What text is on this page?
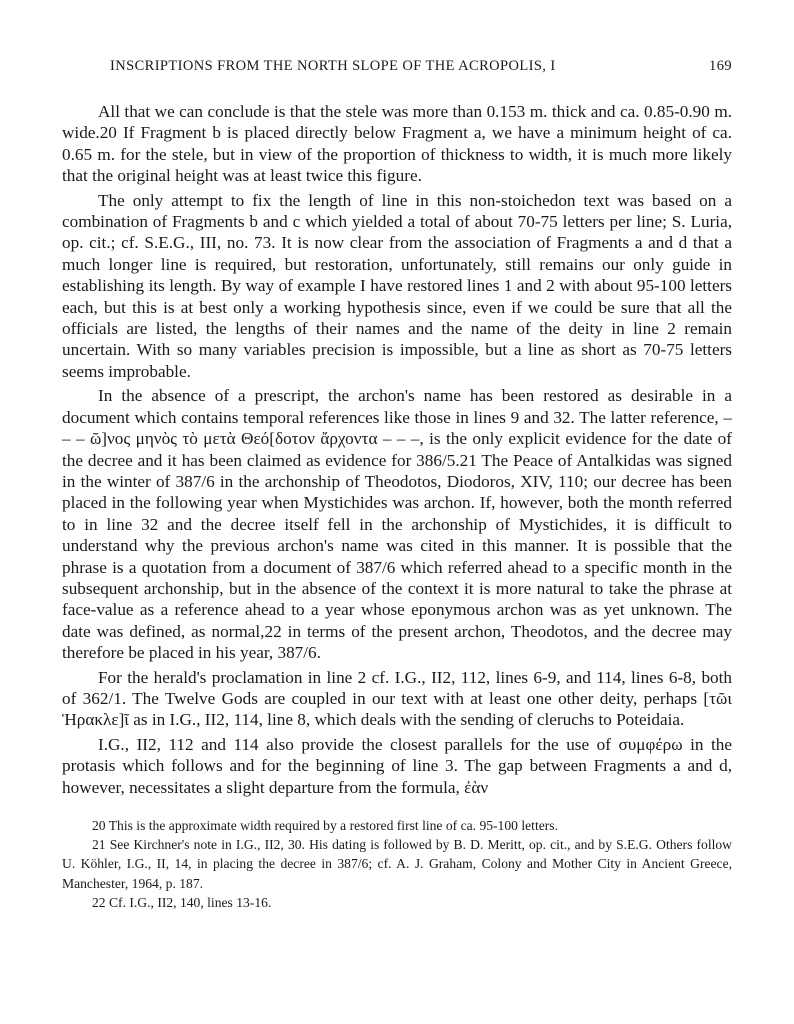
INSCRIPTIONS FROM THE NORTH SLOPE OF THE ACROPOLIS, I	169

All that we can conclude is that the stele was more than 0.153 m. thick and ca. 0.85-0.90 m. wide.20 If Fragment b is placed directly below Fragment a, we have a minimum height of ca. 0.65 m. for the stele, but in view of the proportion of thickness to width, it is much more likely that the original height was at least twice this figure.

The only attempt to fix the length of line in this non-stoichedon text was based on a combination of Fragments b and c which yielded a total of about 70-75 letters per line; S. Luria, op. cit.; cf. S.E.G., III, no. 73. It is now clear from the association of Fragments a and d that a much longer line is required, but restoration, unfortunately, still remains our only guide in establishing its length. By way of example I have restored lines 1 and 2 with about 95-100 letters each, but this is at best only a working hypothesis since, even if we could be sure that all the officials are listed, the lengths of their names and the name of the deity in line 2 remain uncertain. With so many variables precision is impossible, but a line as short as 70-75 letters seems improbable.

In the absence of a prescript, the archon's name has been restored as desirable in a document which contains temporal references like those in lines 9 and 32. The latter reference, – – – ῶ]νος μηνὸς τὸ μετὰ Θεό[δοτον ἄρχοντα – – –, is the only explicit evidence for the date of the decree and it has been claimed as evidence for 386/5.21 The Peace of Antalkidas was signed in the winter of 387/6 in the archonship of Theodotos, Diodoros, XIV, 110; our decree has been placed in the following year when Mystichides was archon. If, however, both the month referred to in line 32 and the decree itself fell in the archonship of Mystichides, it is difficult to understand why the previous archon's name was cited in this manner. It is possible that the phrase is a quotation from a document of 387/6 which referred ahead to a specific month in the subsequent archonship, but in the absence of the context it is more natural to take the phrase at face-value as a reference ahead to a year whose eponymous archon was as yet unknown. The date was defined, as normal,22 in terms of the present archon, Theodotos, and the decree may therefore be placed in his year, 387/6.

For the herald's proclamation in line 2 cf. I.G., II2, 112, lines 6-9, and 114, lines 6-8, both of 362/1. The Twelve Gods are coupled in our text with at least one other deity, perhaps [τῶι Ἡρακλε]ῖ as in I.G., II2, 114, line 8, which deals with the sending of cleruchs to Poteidaia.

I.G., II2, 112 and 114 also provide the closest parallels for the use of συμφέρω in the protasis which follows and for the beginning of line 3. The gap between Fragments a and d, however, necessitates a slight departure from the formula, ἐὰν

20 This is the approximate width required by a restored first line of ca. 95-100 letters.

21 See Kirchner's note in I.G., II2, 30. His dating is followed by B. D. Meritt, op. cit., and by S.E.G. Others follow U. Köhler, I.G., II, 14, in placing the decree in 387/6; cf. A. J. Graham, Colony and Mother City in Ancient Greece, Manchester, 1964, p. 187.

22 Cf. I.G., II2, 140, lines 13-16.
